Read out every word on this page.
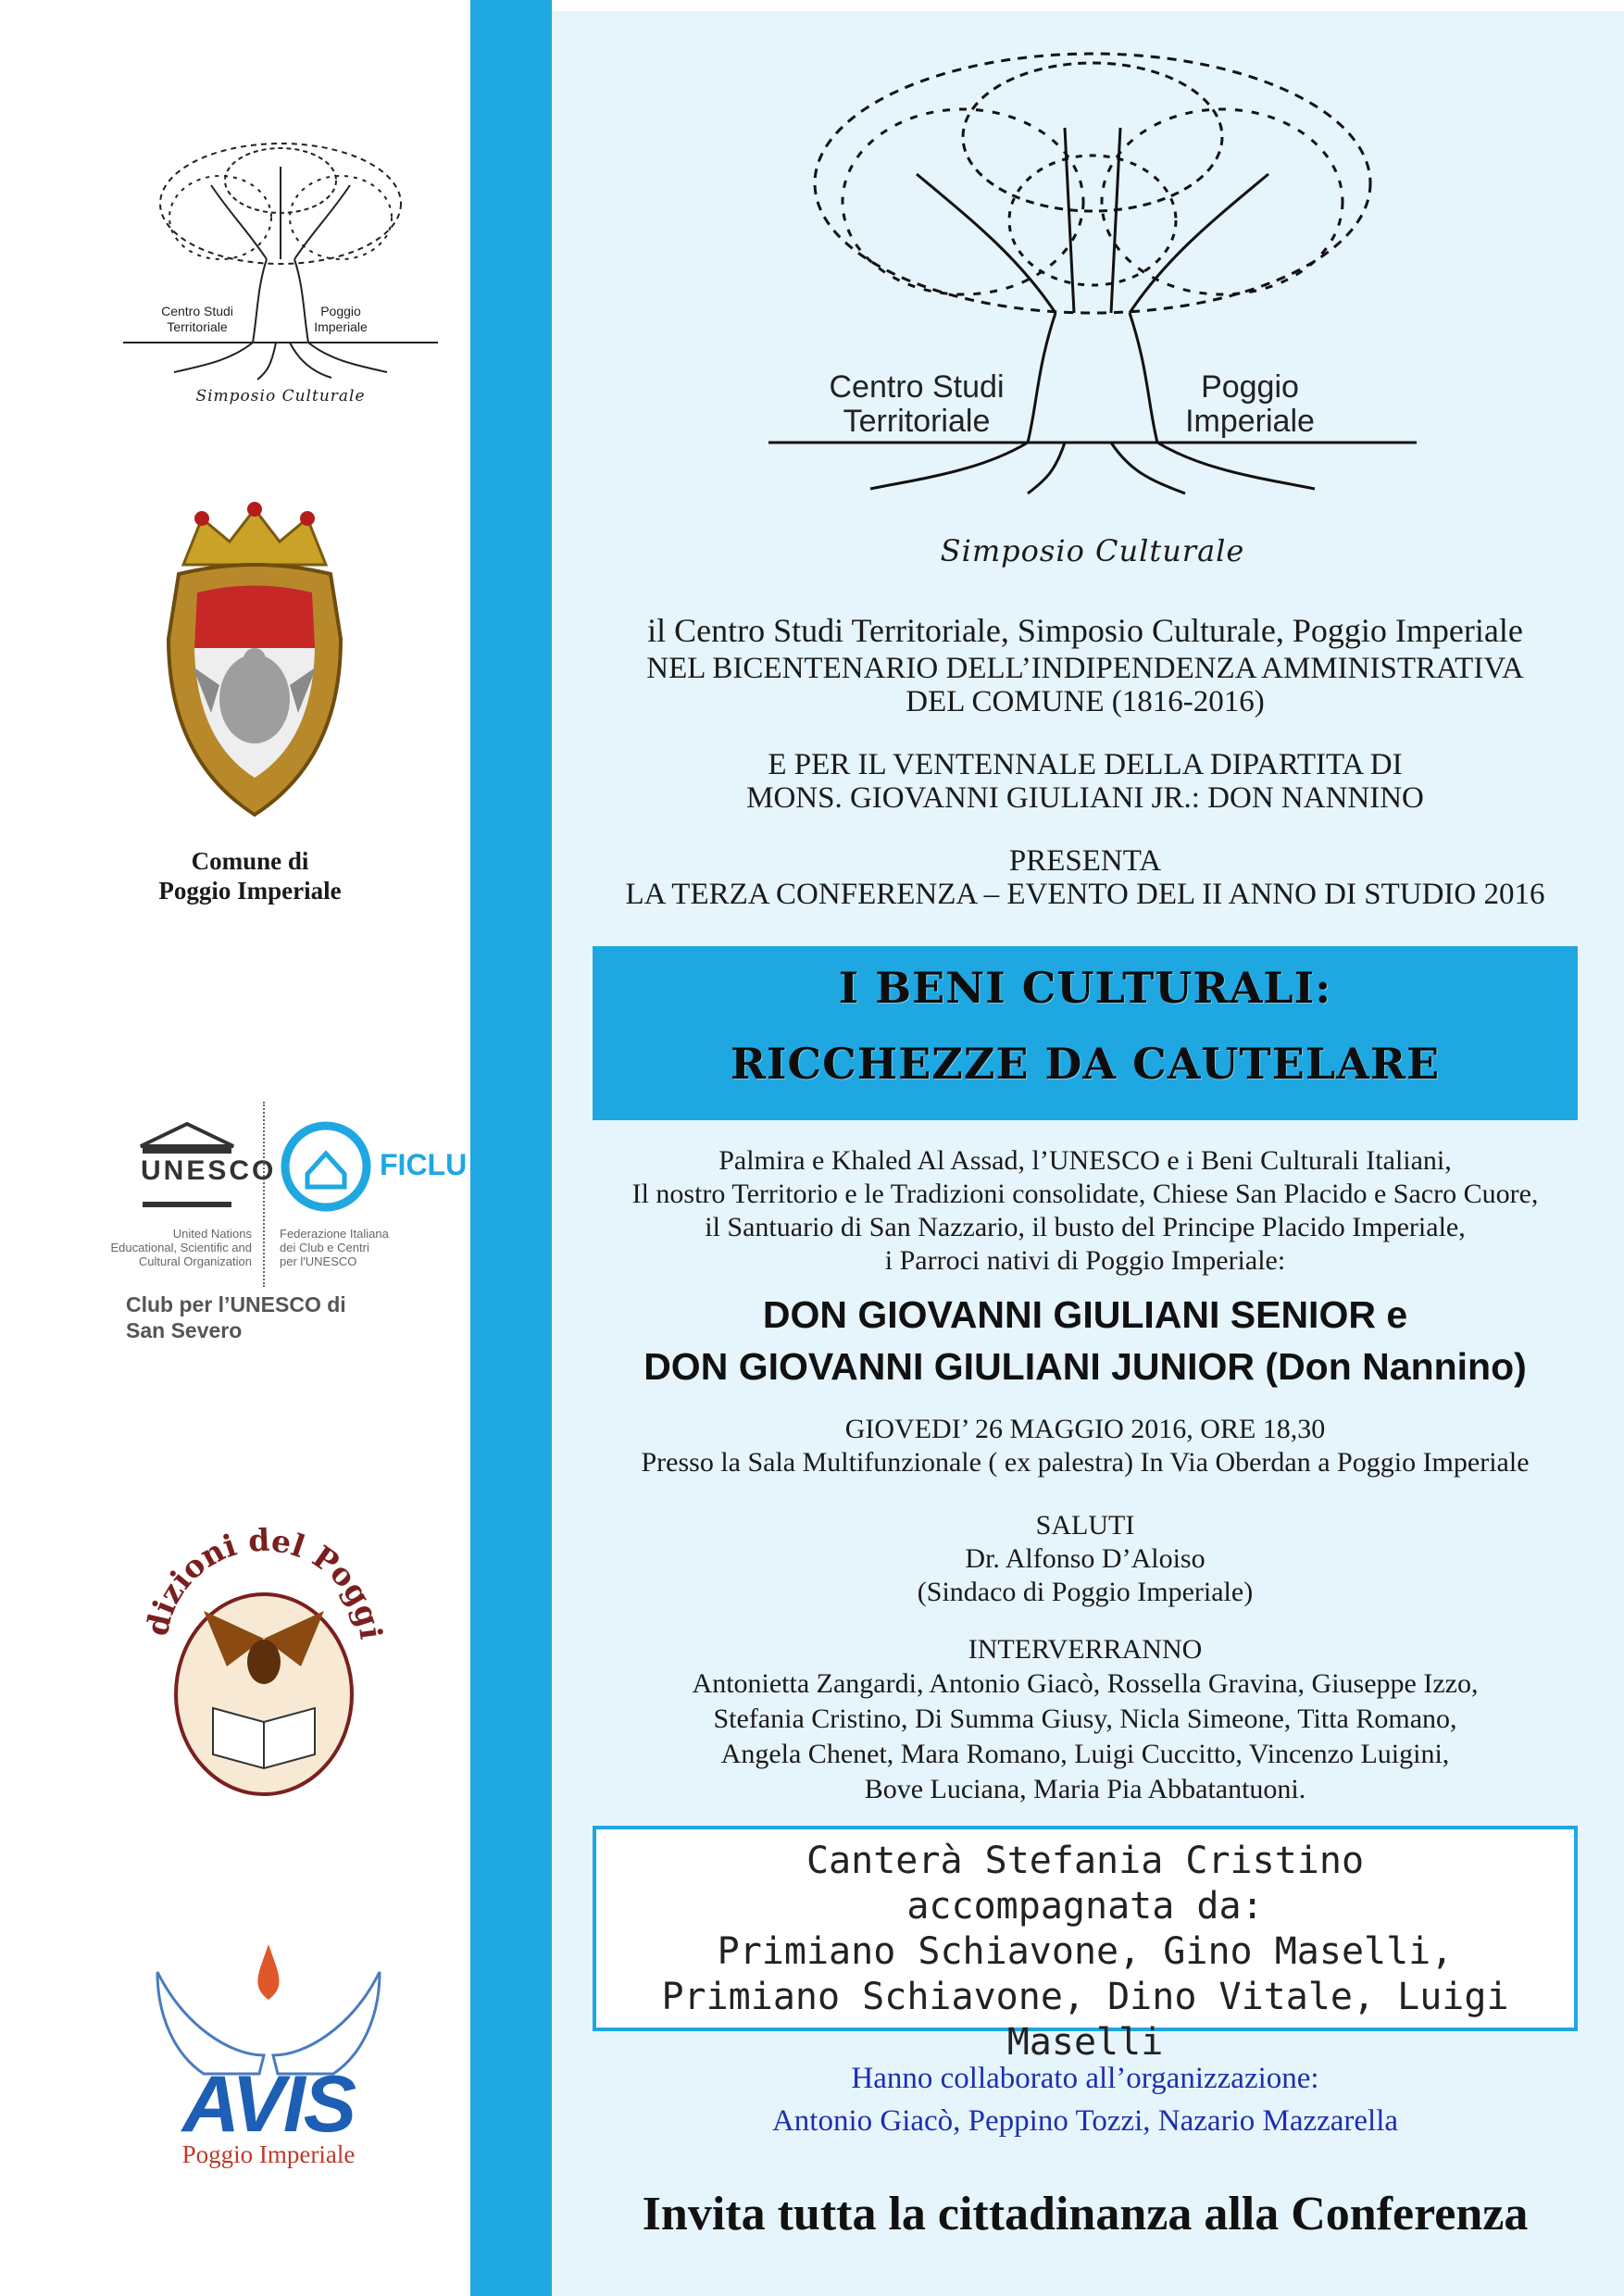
Centro Studi
Territoriale
Poggio
Imperiale
Simposio Culturale
Comune di
Poggio Imperiale
UNESCO
United Nations
Educational, Scientific and
Cultural Organization
FICLU
Federazione Italiana
dei Club e Centri
per l'UNESCO
Club per l’UNESCO di
San Severo
dizioni del Poggi
AVIS
Poggio Imperiale
Centro Studi
Territoriale
Poggio
Imperiale
Simposio Culturale
il Centro Studi Territoriale, Simposio Culturale, Poggio Imperiale
NEL BICENTENARIO DELL’INDIPENDENZA AMMINISTRATIVA
DEL COMUNE (1816-2016)
E PER IL VENTENNALE DELLA DIPARTITA DI
MONS. GIOVANNI GIULIANI JR.: DON NANNINO
PRESENTA
LA TERZA CONFERENZA – EVENTO DEL II ANNO DI STUDIO 2016
I BENI CULTURALI:
RICCHEZZE DA CAUTELARE
Palmira e Khaled Al Assad, l’UNESCO e i Beni Culturali Italiani,
Il nostro Territorio e le Tradizioni consolidate, Chiese San Placido e Sacro Cuore,
il Santuario di San Nazzario, il busto del Principe Placido Imperiale,
i Parroci nativi di Poggio Imperiale:
DON GIOVANNI GIULIANI SENIOR e
DON GIOVANNI GIULIANI JUNIOR (Don Nannino)
GIOVEDI’ 26 MAGGIO 2016, ORE 18,30
Presso la Sala Multifunzionale ( ex palestra) In Via Oberdan a Poggio Imperiale
SALUTI
Dr. Alfonso D’Aloiso
(Sindaco di Poggio Imperiale)
INTERVERRANNO
Antonietta Zangardi, Antonio Giacò, Rossella Gravina, Giuseppe Izzo,
Stefania Cristino, Di Summa Giusy, Nicla Simeone, Titta Romano,
Angela Chenet, Mara Romano, Luigi Cuccitto, Vincenzo Luigini,
Bove Luciana, Maria Pia Abbatantuoni.
Canterà Stefania Cristino
accompagnata da:
Primiano Schiavone, Gino Maselli,
Primiano Schiavone, Dino Vitale, Luigi Maselli
Hanno collaborato all’organizzazione:
Antonio Giacò, Peppino Tozzi, Nazario Mazzarella
Invita tutta la cittadinanza alla Conferenza
